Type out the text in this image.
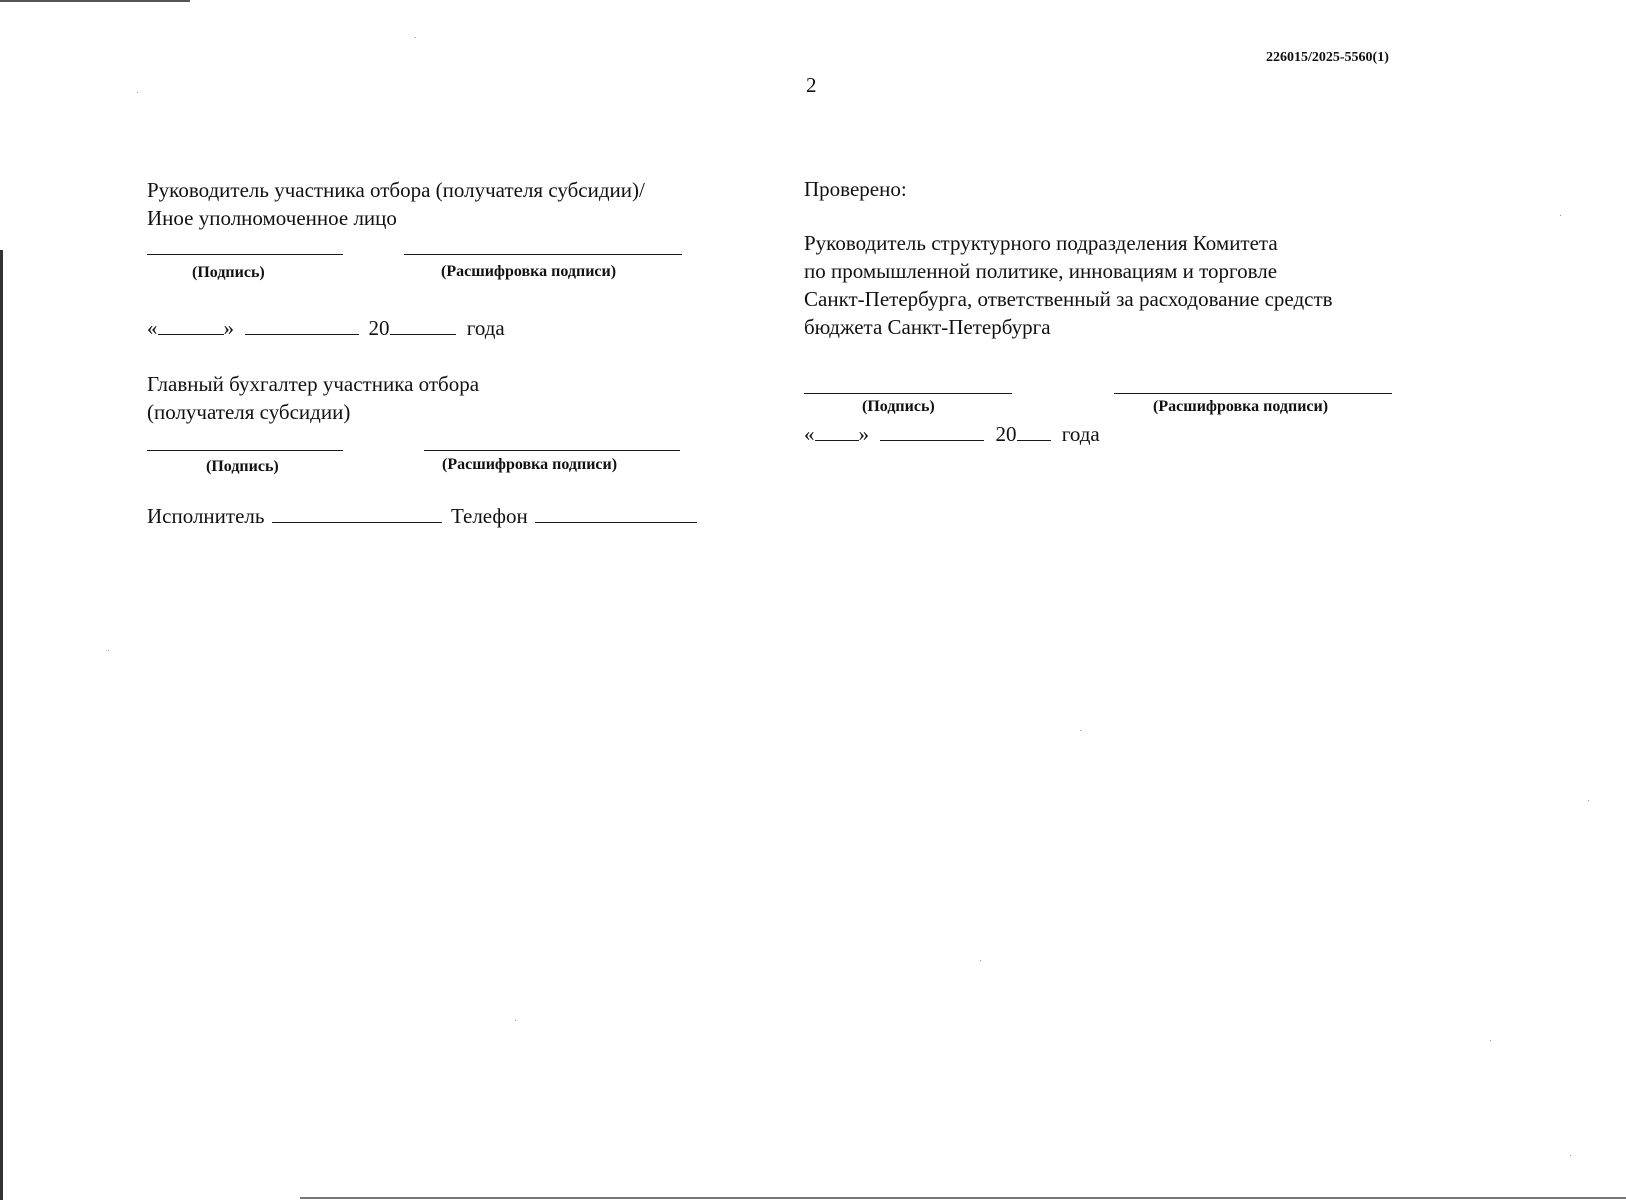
226015/2025-5560(1)
2
Руководитель участника отбора (получателя субсидии)/
Иное уполномоченное лицо
(Подпись)	(Расшифровка подписи)
«	»	20	года
Главный бухгалтер участника отбора
(получателя субсидии)
(Подпись)	(Расшифровка подписи)
Исполнитель	Телефон
Проверено:
Руководитель структурного подразделения Комитета
по промышленной политике, инновациям и торговле
Санкт-Петербурга, ответственный за расходование средств
бюджета Санкт-Петербурга
(Подпись)	(Расшифровка подписи)
« »	20 года
